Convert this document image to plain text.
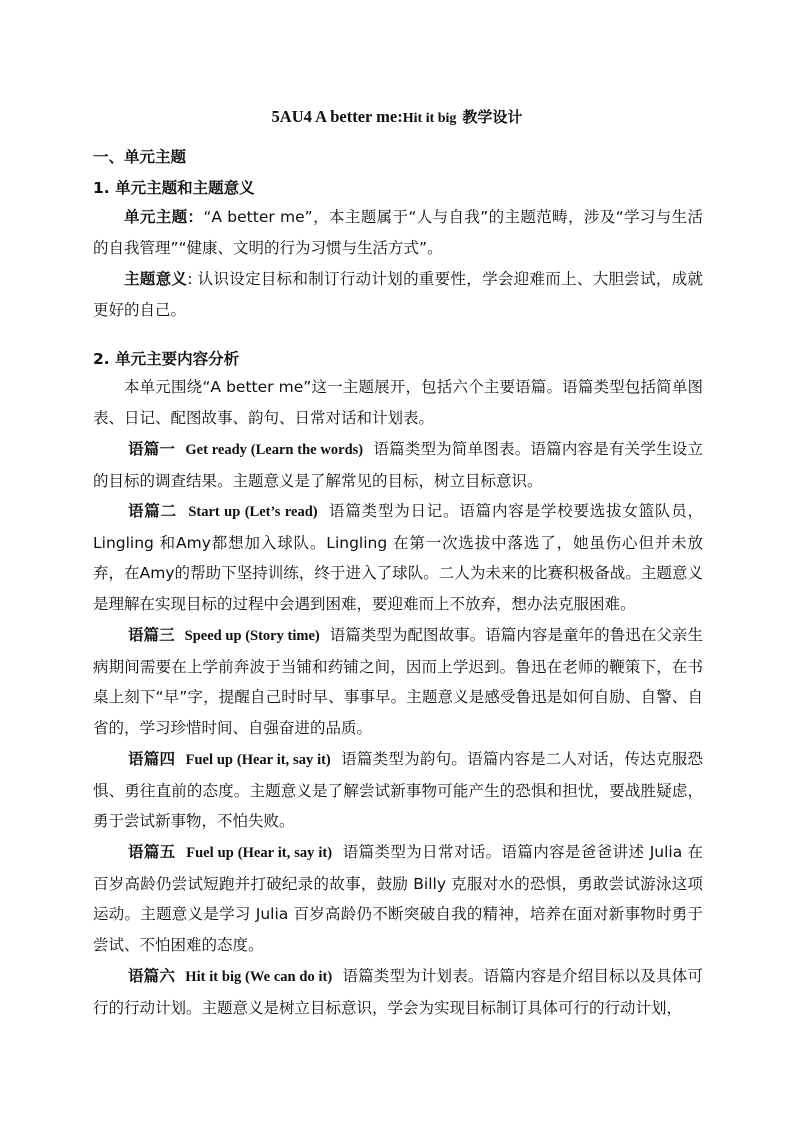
5AU4 A better me:Hit it big 教学设计
一、单元主题
1. 单元主题和主题意义
单元主题：“A better me”，本主题属于“人与自我”的主题范畴，涉及“学习与生活的自我管理”“健康、文明的行为习惯与生活方式”。
主题意义: 认识设定目标和制订行动计划的重要性，学会迎难而上、大胆尝试，成就更好的自己。
2. 单元主要内容分析
本单元围绕“A better me”这一主题展开，包括六个主要语篇。语篇类型包括简单图表、日记、配图故事、韵句、日常对话和计划表。
语篇一 Get ready (Learn the words) 语篇类型为简单图表。语篇内容是有关学生设立的目标的调查结果。主题意义是了解常见的目标，树立目标意识。
语篇二 Start up (Let’s read) 语篇类型为日记。语篇内容是学校要选拔女篮队员，Lingling 和Amy都想加入球队。Lingling 在第一次选拔中落选了，她虽伤心但并未放弃，在Amy的帮助下坚持训练，终于进入了球队。二人为未来的比赛积极备战。主题意义是理解在实现目标的过程中会遇到困难，要迎难而上不放弃，想办法克服困难。
语篇三 Speed up (Story time) 语篇类型为配图故事。语篇内容是童年的鲁迅在父亲生病期间需要在上学前奔波于当铺和药铺之间，因而上学迟到。鲁迅在老师的鞭策下，在书桌上刻下“早”字，提醒自己时时早、事事早。主题意义是感受鲁迅是如何自励、自警、自省的，学习珍惜时间、自强奋进的品质。
语篇四 Fuel up (Hear it, say it) 语篇类型为韵句。语篇内容是二人对话，传达克服恐惧、勇往直前的态度。主题意义是了解尝试新事物可能产生的恐惧和担忧，要战胜疑虑，勇于尝试新事物，不怕失败。
语篇五 Fuel up (Hear it, say it) 语篇类型为日常对话。语篇内容是爸爸讲述 Julia 在百岁高龄仍尝试短跑并打破纪录的故事，鼓励 Billy 克服对水的恐惧，勇敢尝试游泳这项运动。主题意义是学习 Julia 百岁高龄仍不断突破自我的精神，培养在面对新事物时勇于尝试、不怕困难的态度。
语篇六 Hit it big (We can do it) 语篇类型为计划表。语篇内容是介绍目标以及具体可行的行动计划。主题意义是树立目标意识，学会为实现目标制订具体可行的行动计划，
